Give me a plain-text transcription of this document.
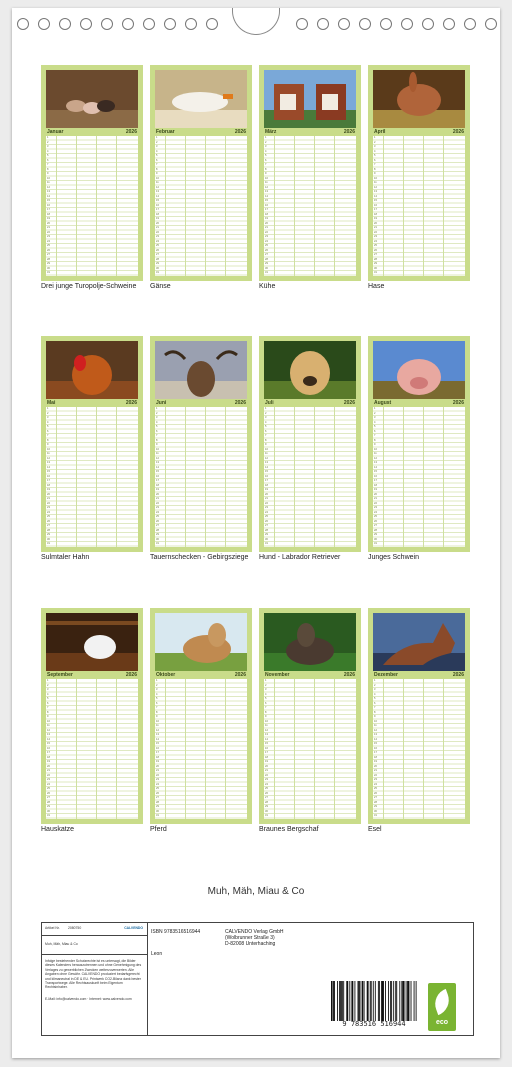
Januar	2026
1
2
3
4
5
6
7
8
9
10
11
12
13
14
15
16
17
18
19
20
21
22
23
24
25
26
27
28
29
30
31
Drei junge Turopolje-Schweine
Februar	2026
1
2
3
4
5
6
7
8
9
10
11
12
13
14
15
16
17
18
19
20
21
22
23
24
25
26
27
28
29
30
31
Gänse
März	2026
1
2
3
4
5
6
7
8
9
10
11
12
13
14
15
16
17
18
19
20
21
22
23
24
25
26
27
28
29
30
31
Kühe
April	2026
1
2
3
4
5
6
7
8
9
10
11
12
13
14
15
16
17
18
19
20
21
22
23
24
25
26
27
28
29
30
31
Hase
Mai	2026
1
2
3
4
5
6
7
8
9
10
11
12
13
14
15
16
17
18
19
20
21
22
23
24
25
26
27
28
29
30
31
Sulmtaler Hahn
Juni	2026
1
2
3
4
5
6
7
8
9
10
11
12
13
14
15
16
17
18
19
20
21
22
23
24
25
26
27
28
29
30
31
Tauernschecken - Gebirgsziege
Juli	2026
1
2
3
4
5
6
7
8
9
10
11
12
13
14
15
16
17
18
19
20
21
22
23
24
25
26
27
28
29
30
31
Hund - Labrador Retriever
August	2026
1
2
3
4
5
6
7
8
9
10
11
12
13
14
15
16
17
18
19
20
21
22
23
24
25
26
27
28
29
30
31
Junges Schwein
September	2026
1
2
3
4
5
6
7
8
9
10
11
12
13
14
15
16
17
18
19
20
21
22
23
24
25
26
27
28
29
30
31
Hauskatze
Oktober	2026
1
2
3
4
5
6
7
8
9
10
11
12
13
14
15
16
17
18
19
20
21
22
23
24
25
26
27
28
29
30
31
Pferd
November	2026
1
2
3
4
5
6
7
8
9
10
11
12
13
14
15
16
17
18
19
20
21
22
23
24
25
26
27
28
29
30
31
Braunes Bergschaf
Dezember	2026
1
2
3
4
5
6
7
8
9
10
11
12
13
14
15
16
17
18
19
20
21
22
23
24
25
26
27
28
29
30
31
Esel
Muh, Mäh, Miau & Co
Artikel Nr. 2080750	CALVENDO
Muh, Mäh, Miau & Co
Infolge bestehender Schutzrechte ist es untersagt, die Bilder dieses Kalenders herauszutrennen und ohne Genehmigung des Verlages zu gewerblichen Zwecken weiterzuverwerten. Alle Angaben ohne Gewähr. CALVENDO produziert bedarfsgerecht und klimaneutral in DE & EU. Printwerk CO2-Bilanz dank bester Transportwege. Alle Rechtsauskunft beim Eigentum Rechtsinhaber.
E-Mail: info@calvendo.com · Internet: www.calvendo.com
ISBN 9783516516944
Leon
CALVENDO Verlag GmbH
(Wolbrunner Straße 3)
D-82008 Unterhaching
9 783516 516944	eco
